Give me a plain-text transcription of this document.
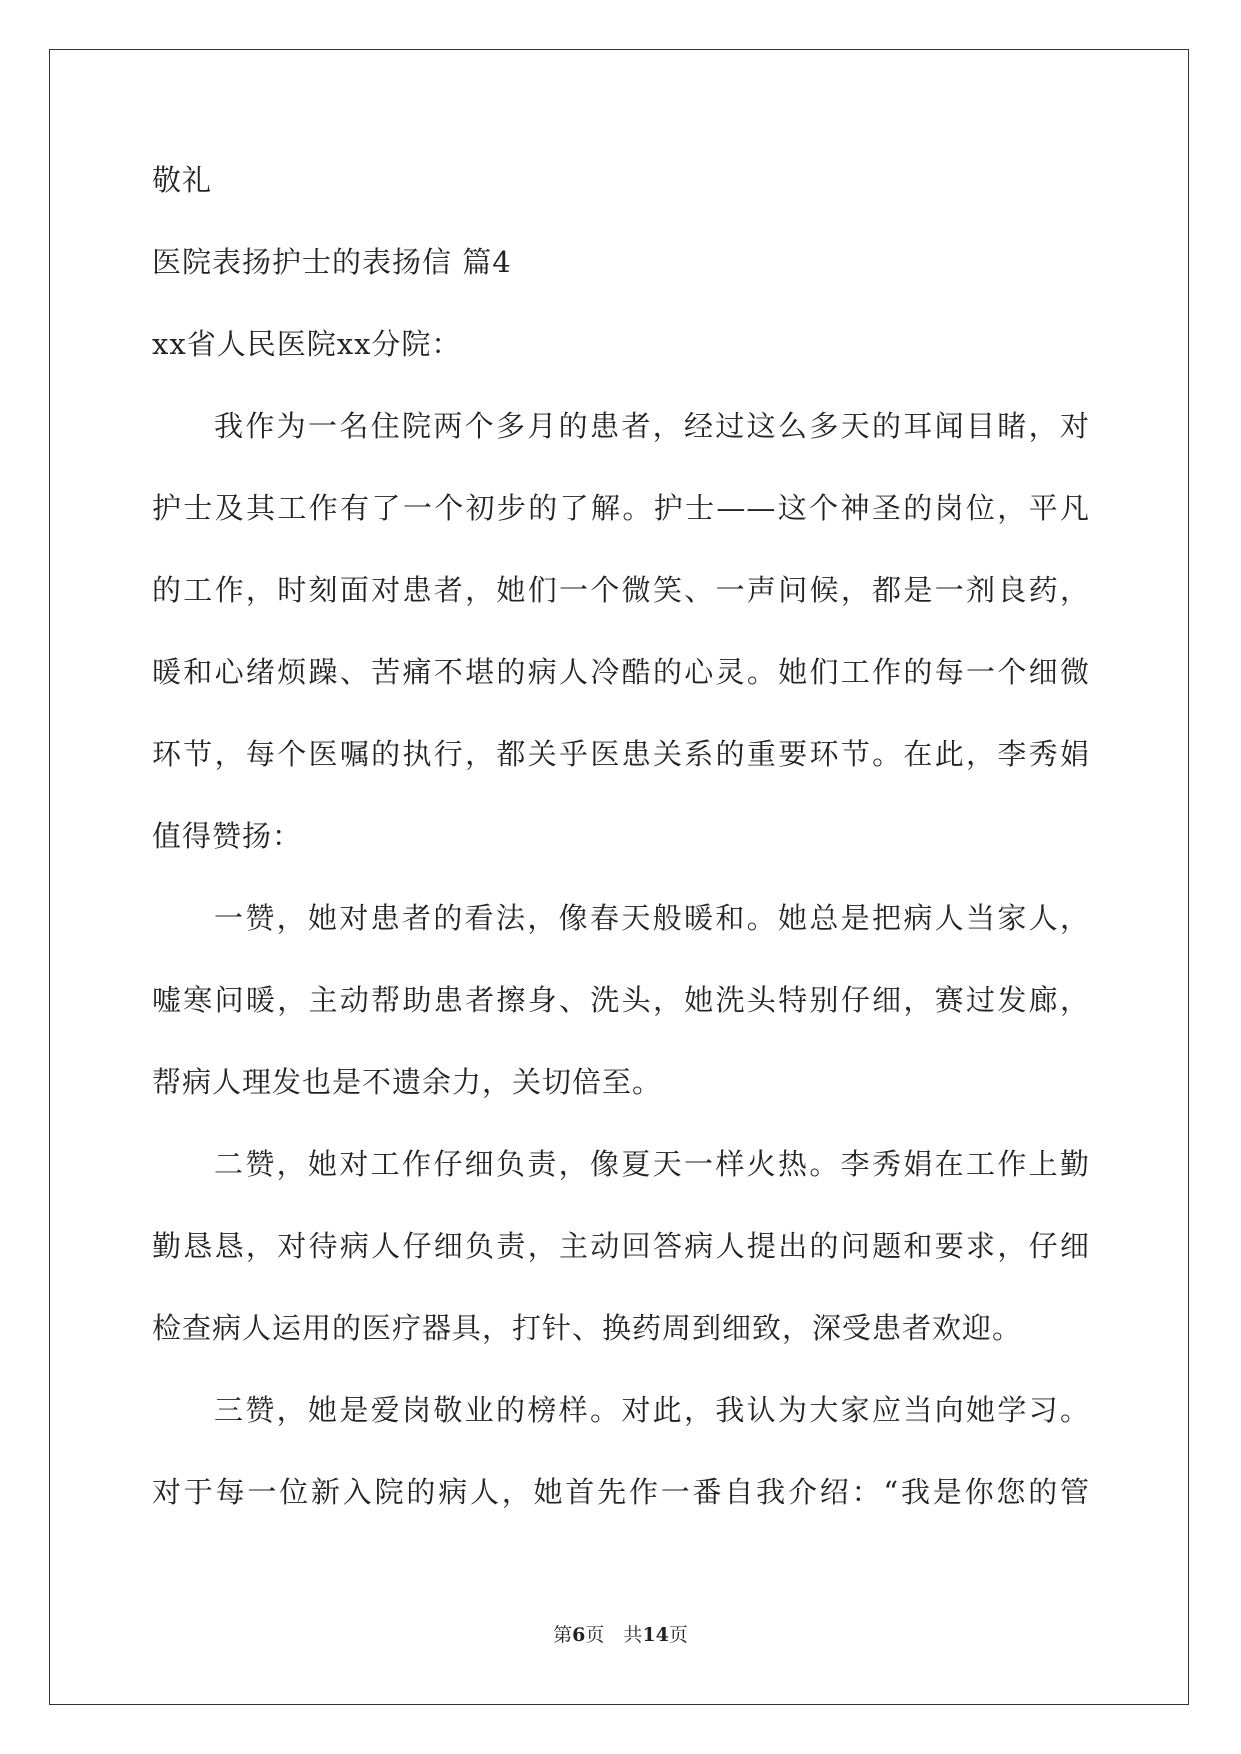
敬礼
医院表扬护士的表扬信 篇4
xx省人民医院xx分院：
我作为一名住院两个多月的患者，经过这么多天的耳闻目睹，对
护士及其工作有了一个初步的了解。护士——这个神圣的岗位，平凡
的工作，时刻面对患者，她们一个微笑、一声问候，都是一剂良药，
暖和心绪烦躁、苦痛不堪的病人冷酷的心灵。她们工作的每一个细微
环节，每个医嘱的执行，都关乎医患关系的重要环节。在此，李秀娟
值得赞扬：
一赞，她对患者的看法，像春天般暖和。她总是把病人当家人，
嘘寒问暖，主动帮助患者擦身、洗头，她洗头特别仔细，赛过发廊，
帮病人理发也是不遗余力，关切倍至。
二赞，她对工作仔细负责，像夏天一样火热。李秀娟在工作上勤
勤恳恳，对待病人仔细负责，主动回答病人提出的问题和要求，仔细
检查病人运用的医疗器具，打针、换药周到细致，深受患者欢迎。
三赞，她是爱岗敬业的榜样。对此，我认为大家应当向她学习。
对于每一位新入院的病人，她首先作一番自我介绍：“我是你您的管
第6页　共14页
